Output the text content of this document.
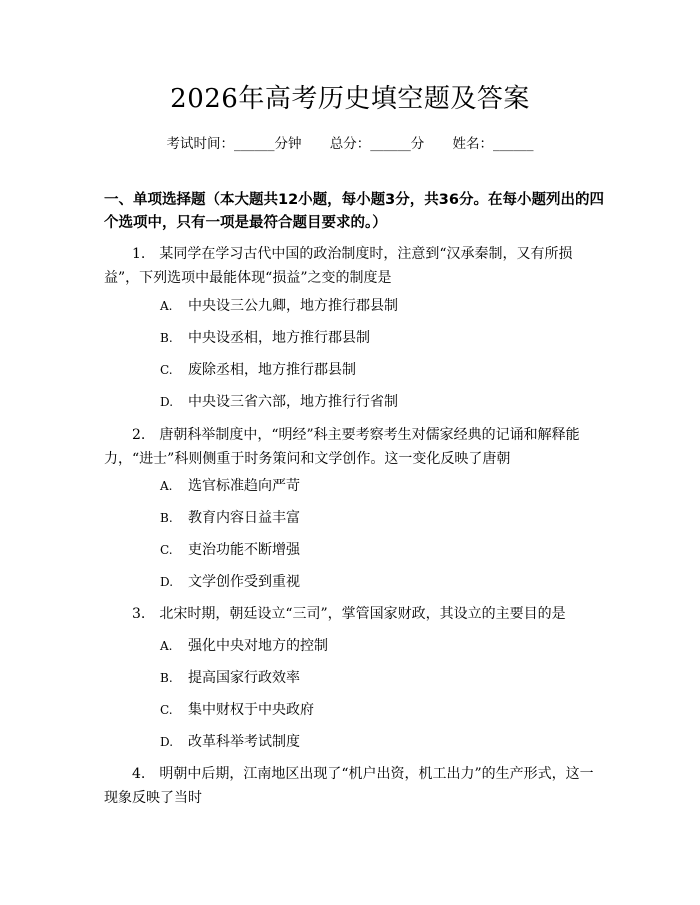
2026年高考历史填空题及答案
考试时间：______分钟 总分：______分 姓名：______
一、单项选择题（本大题共12小题，每小题3分，共36分。在每小题列出的四个选项中，只有一项是最符合题目要求的。）
1.　某同学在学习古代中国的政治制度时，注意到“汉承秦制，又有所损益”，下列选项中最能体现“损益”之变的制度是
A. 中央设三公九卿，地方推行郡县制
B. 中央设丞相，地方推行郡县制
C. 废除丞相，地方推行郡县制
D. 中央设三省六部，地方推行行省制
2.　唐朝科举制度中，“明经”科主要考察考生对儒家经典的记诵和解释能力，“进士”科则侧重于时务策问和文学创作。这一变化反映了唐朝
A. 选官标准趋向严苛
B. 教育内容日益丰富
C. 吏治功能不断增强
D. 文学创作受到重视
3.　北宋时期，朝廷设立“三司”，掌管国家财政，其设立的主要目的是
A. 强化中央对地方的控制
B. 提高国家行政效率
C. 集中财权于中央政府
D. 改革科举考试制度
4.　明朝中后期，江南地区出现了“机户出资，机工出力”的生产形式，这一现象反映了当时
